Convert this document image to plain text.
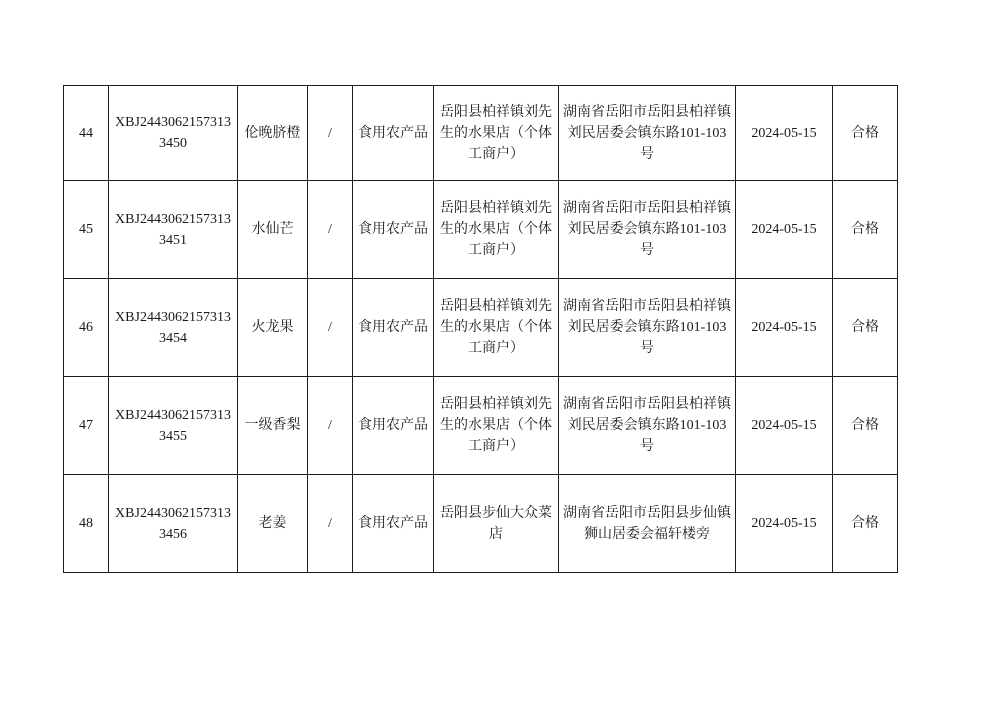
44	XBJ24430621573133450	伦晚脐橙	/	食用农产品	岳阳县柏祥镇刘先生的水果店（个体工商户）	湖南省岳阳市岳阳县柏祥镇刘民居委会镇东路101-103号	2024-05-15	合格
45	XBJ24430621573133451	水仙芒	/	食用农产品	岳阳县柏祥镇刘先生的水果店（个体工商户）	湖南省岳阳市岳阳县柏祥镇刘民居委会镇东路101-103号	2024-05-15	合格
46	XBJ24430621573133454	火龙果	/	食用农产品	岳阳县柏祥镇刘先生的水果店（个体工商户）	湖南省岳阳市岳阳县柏祥镇刘民居委会镇东路101-103号	2024-05-15	合格
47	XBJ24430621573133455	一级香梨	/	食用农产品	岳阳县柏祥镇刘先生的水果店（个体工商户）	湖南省岳阳市岳阳县柏祥镇刘民居委会镇东路101-103号	2024-05-15	合格
48	XBJ24430621573133456	老姜	/	食用农产品	岳阳县步仙大众菜店	湖南省岳阳市岳阳县步仙镇狮山居委会福轩楼旁	2024-05-15	合格
